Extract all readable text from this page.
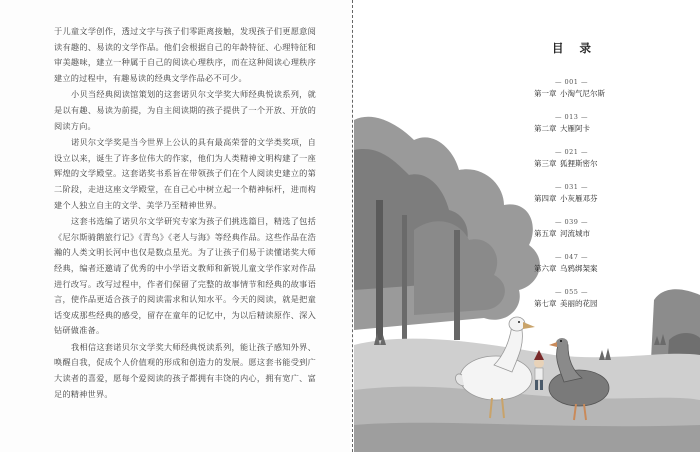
于儿童文学创作，透过文字与孩子们零距离接触，发现孩子们更愿意阅读有趣的、易读的文学作品。他们会根据自己的年龄特征、心理特征和审美趣味，建立一种属于自己的阅读心理秩序，而在这种阅读心理秩序建立的过程中，有趣易读的经典文学作品必不可少。

小贝当经典阅读馆策划的这套诺贝尔文学奖大师经典悦读系列，就是以有趣、易读为前提，为自主阅读期的孩子提供了一个开放、开放的阅读方向。

诺贝尔文学奖是当今世界上公认的具有最高荣誉的文学类奖项，自设立以来，诞生了许多位伟大的作家，他们为人类精神文明构建了一座辉煌的文学殿堂。这套诺奖书系旨在带领孩子们在个人阅读史建立的第二阶段，走进这座文学殿堂，在自己心中树立起一个精神标杆，进而构建个人独立自主的文学、美学乃至精神世界。

这套书选编了诺贝尔文学研究专家为孩子们挑选篇目，精选了包括《尼尔斯骑鹅旅行记》《青鸟》《老人与海》等经典作品。这些作品在浩瀚的人类文明长河中也仅是数点星光。为了让孩子们易于读懂诺奖大师经典，编者还邀请了优秀的中小学语文教师和新锐儿童文学作家对作品进行改写。改写过程中，作者们保留了完整的故事情节和经典的故事语言，使作品更适合孩子的阅读需求和认知水平。今天的阅读，就是把童话变成那些经典的感受，留存在童年的记忆中，为以后精读原作、深入钻研做准备。

我相信这套诺贝尔文学奖大师经典悦读系列，能让孩子感知外界、唤醒自我，促成个人价值观的形成和创造力的发展。愿这套书能受到广大读者的喜爱，愿每个爱阅读的孩子都拥有丰饶的内心，拥有宽广、富足的精神世界。

目 录
— 001 —
第一章 小淘气尼尔斯
— 013 —
第二章 大雁阿卡
— 021 —
第三章 狐狸斯密尔
— 031 —
第四章 小灰雁邓芬
— 039 —
第五章 河流城市
— 047 —
第六章 乌鸦绑架案
— 055 —
第七章 美丽的花园
